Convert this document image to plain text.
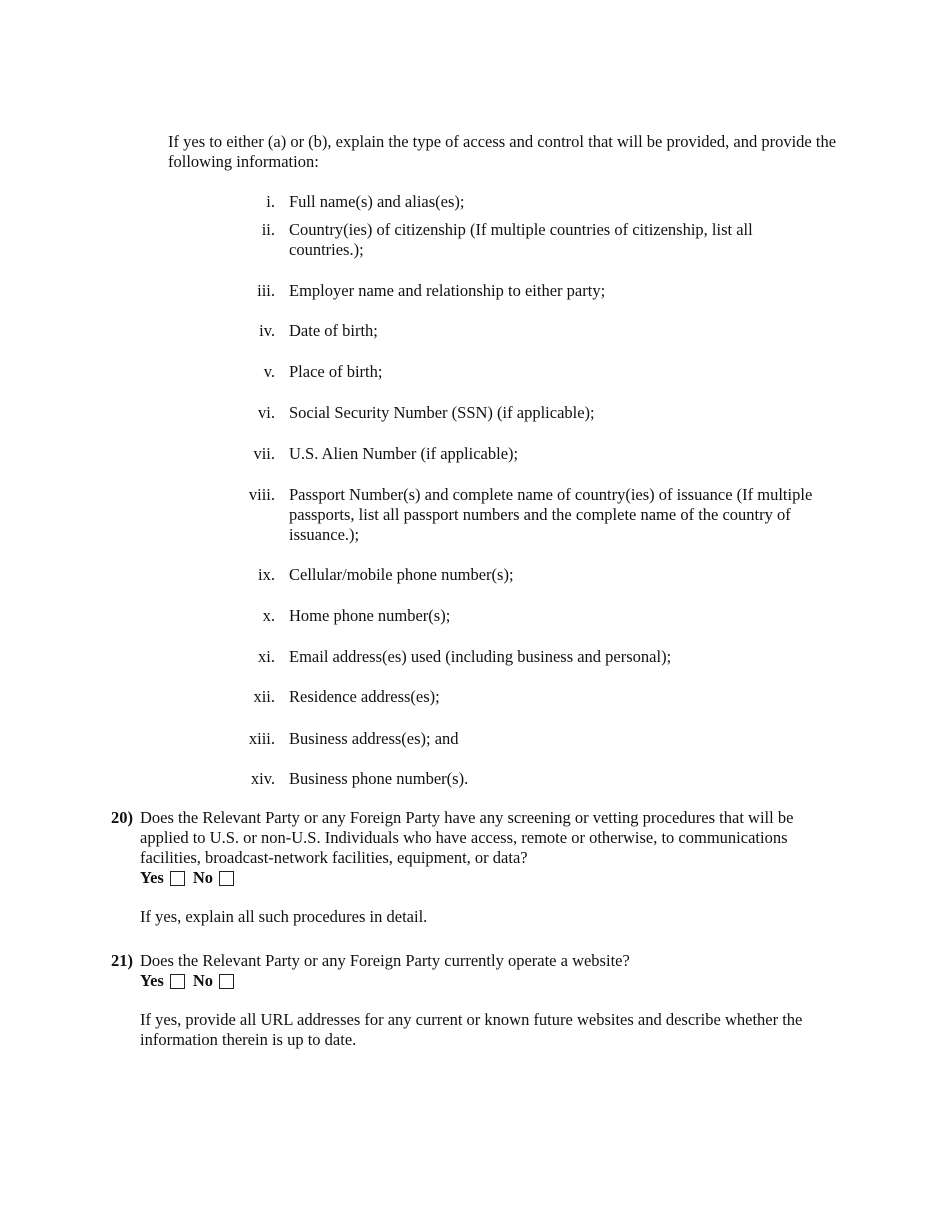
If yes to either (a) or (b), explain the type of access and control that will be provided, and provide the following information:
i. Full name(s) and alias(es);
ii. Country(ies) of citizenship (If multiple countries of citizenship, list all countries.);
iii. Employer name and relationship to either party;
iv. Date of birth;
v. Place of birth;
vi. Social Security Number (SSN) (if applicable);
vii. U.S. Alien Number (if applicable);
viii. Passport Number(s) and complete name of country(ies) of issuance (If multiple passports, list all passport numbers and the complete name of the country of issuance.);
ix. Cellular/mobile phone number(s);
x. Home phone number(s);
xi. Email address(es) used (including business and personal);
xii. Residence address(es);
xiii. Business address(es); and
xiv. Business phone number(s).
20) Does the Relevant Party or any Foreign Party have any screening or vetting procedures that will be applied to U.S. or non-U.S. Individuals who have access, remote or otherwise, to communications facilities, broadcast-network facilities, equipment, or data?
Yes No
If yes, explain all such procedures in detail.
21) Does the Relevant Party or any Foreign Party currently operate a website?
Yes No
If yes, provide all URL addresses for any current or known future websites and describe whether the information therein is up to date.
